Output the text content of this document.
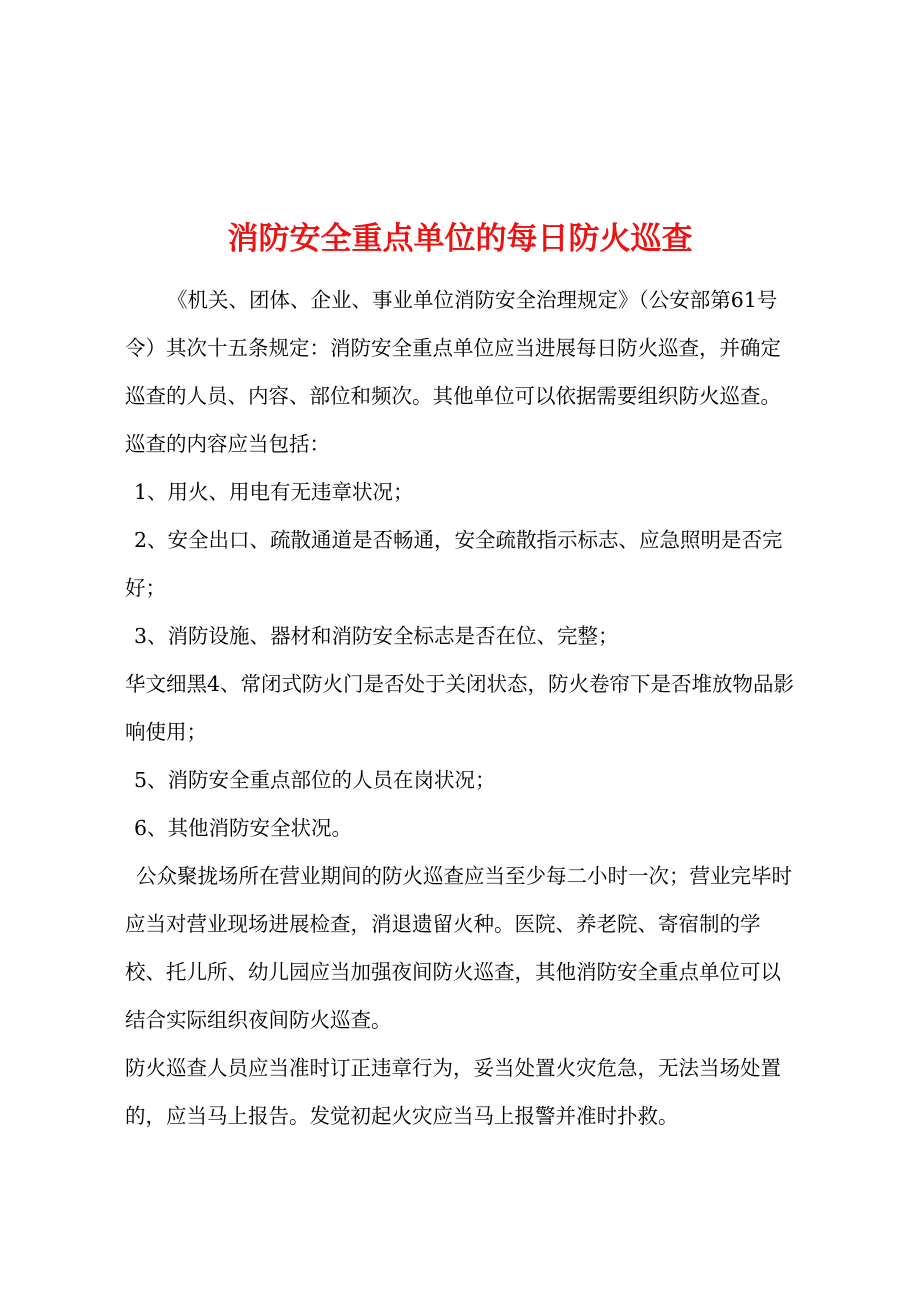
消防安全重点单位的每日防火巡查

《机关、团体、企业、事业单位消防安全治理规定》（公安部第61号令）其次十五条规定：消防安全重点单位应当进展每日防火巡查，并确定巡查的人员、内容、部位和频次。其他单位可以依据需要组织防火巡查。巡查的内容应当包括：

1、用火、用电有无违章状况；

2、安全出口、疏散通道是否畅通，安全疏散指示标志、应急照明是否完好；

3、消防设施、器材和消防安全标志是否在位、完整；

华文细黑4、常闭式防火门是否处于关闭状态，防火卷帘下是否堆放物品影响使用；

5、消防安全重点部位的人员在岗状况；

6、其他消防安全状况。

公众聚拢场所在营业期间的防火巡查应当至少每二小时一次；营业完毕时应当对营业现场进展检查，消退遗留火种。医院、养老院、寄宿制的学校、托儿所、幼儿园应当加强夜间防火巡查，其他消防安全重点单位可以结合实际组织夜间防火巡查。

防火巡查人员应当准时订正违章行为，妥当处置火灾危急，无法当场处置的，应当马上报告。发觉初起火灾应当马上报警并准时扑救。
